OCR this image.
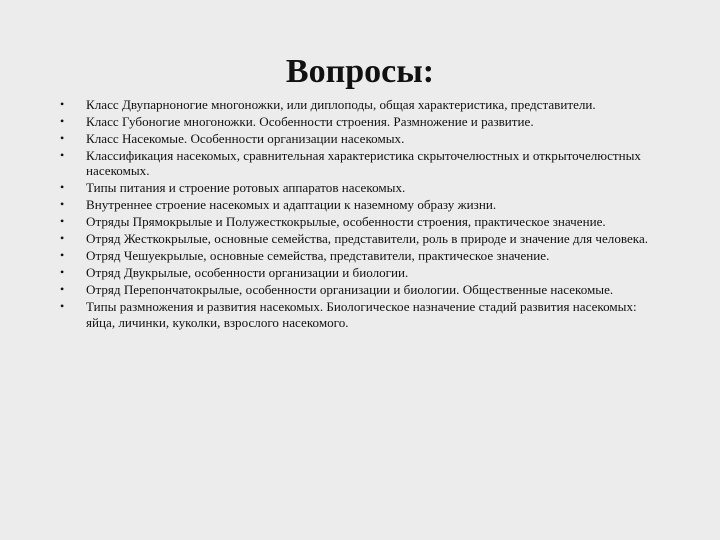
Вопросы:
• Класс Двупарноногие многоножки, или диплоподы, общая характеристика, представители.
• Класс Губоногие многоножки. Особенности строения. Размножение и развитие.
• Класс Насекомые. Особенности организации насекомых.
• Классификация насекомых, сравнительная характеристика скрыточелюстных и открыточелюстных насекомых.
• Типы питания и строение ротовых аппаратов насекомых.
• Внутреннее строение насекомых и адаптации к наземному образу жизни.
• Отряды Прямокрылые и Полужесткокрылые, особенности строения, практическое значение.
• Отряд Жесткокрылые, основные семейства, представители, роль в природе и значение для человека.
• Отряд Чешуекрылые, основные семейства, представители, практическое значение.
• Отряд Двукрылые, особенности организации и биологии.
• Отряд Перепончатокрылые, особенности организации и биологии. Общественные насекомые.
• Типы размножения и развития насекомых. Биологическое назначение стадий развития насекомых: яйца, личинки, куколки, взрослого насекомого.
